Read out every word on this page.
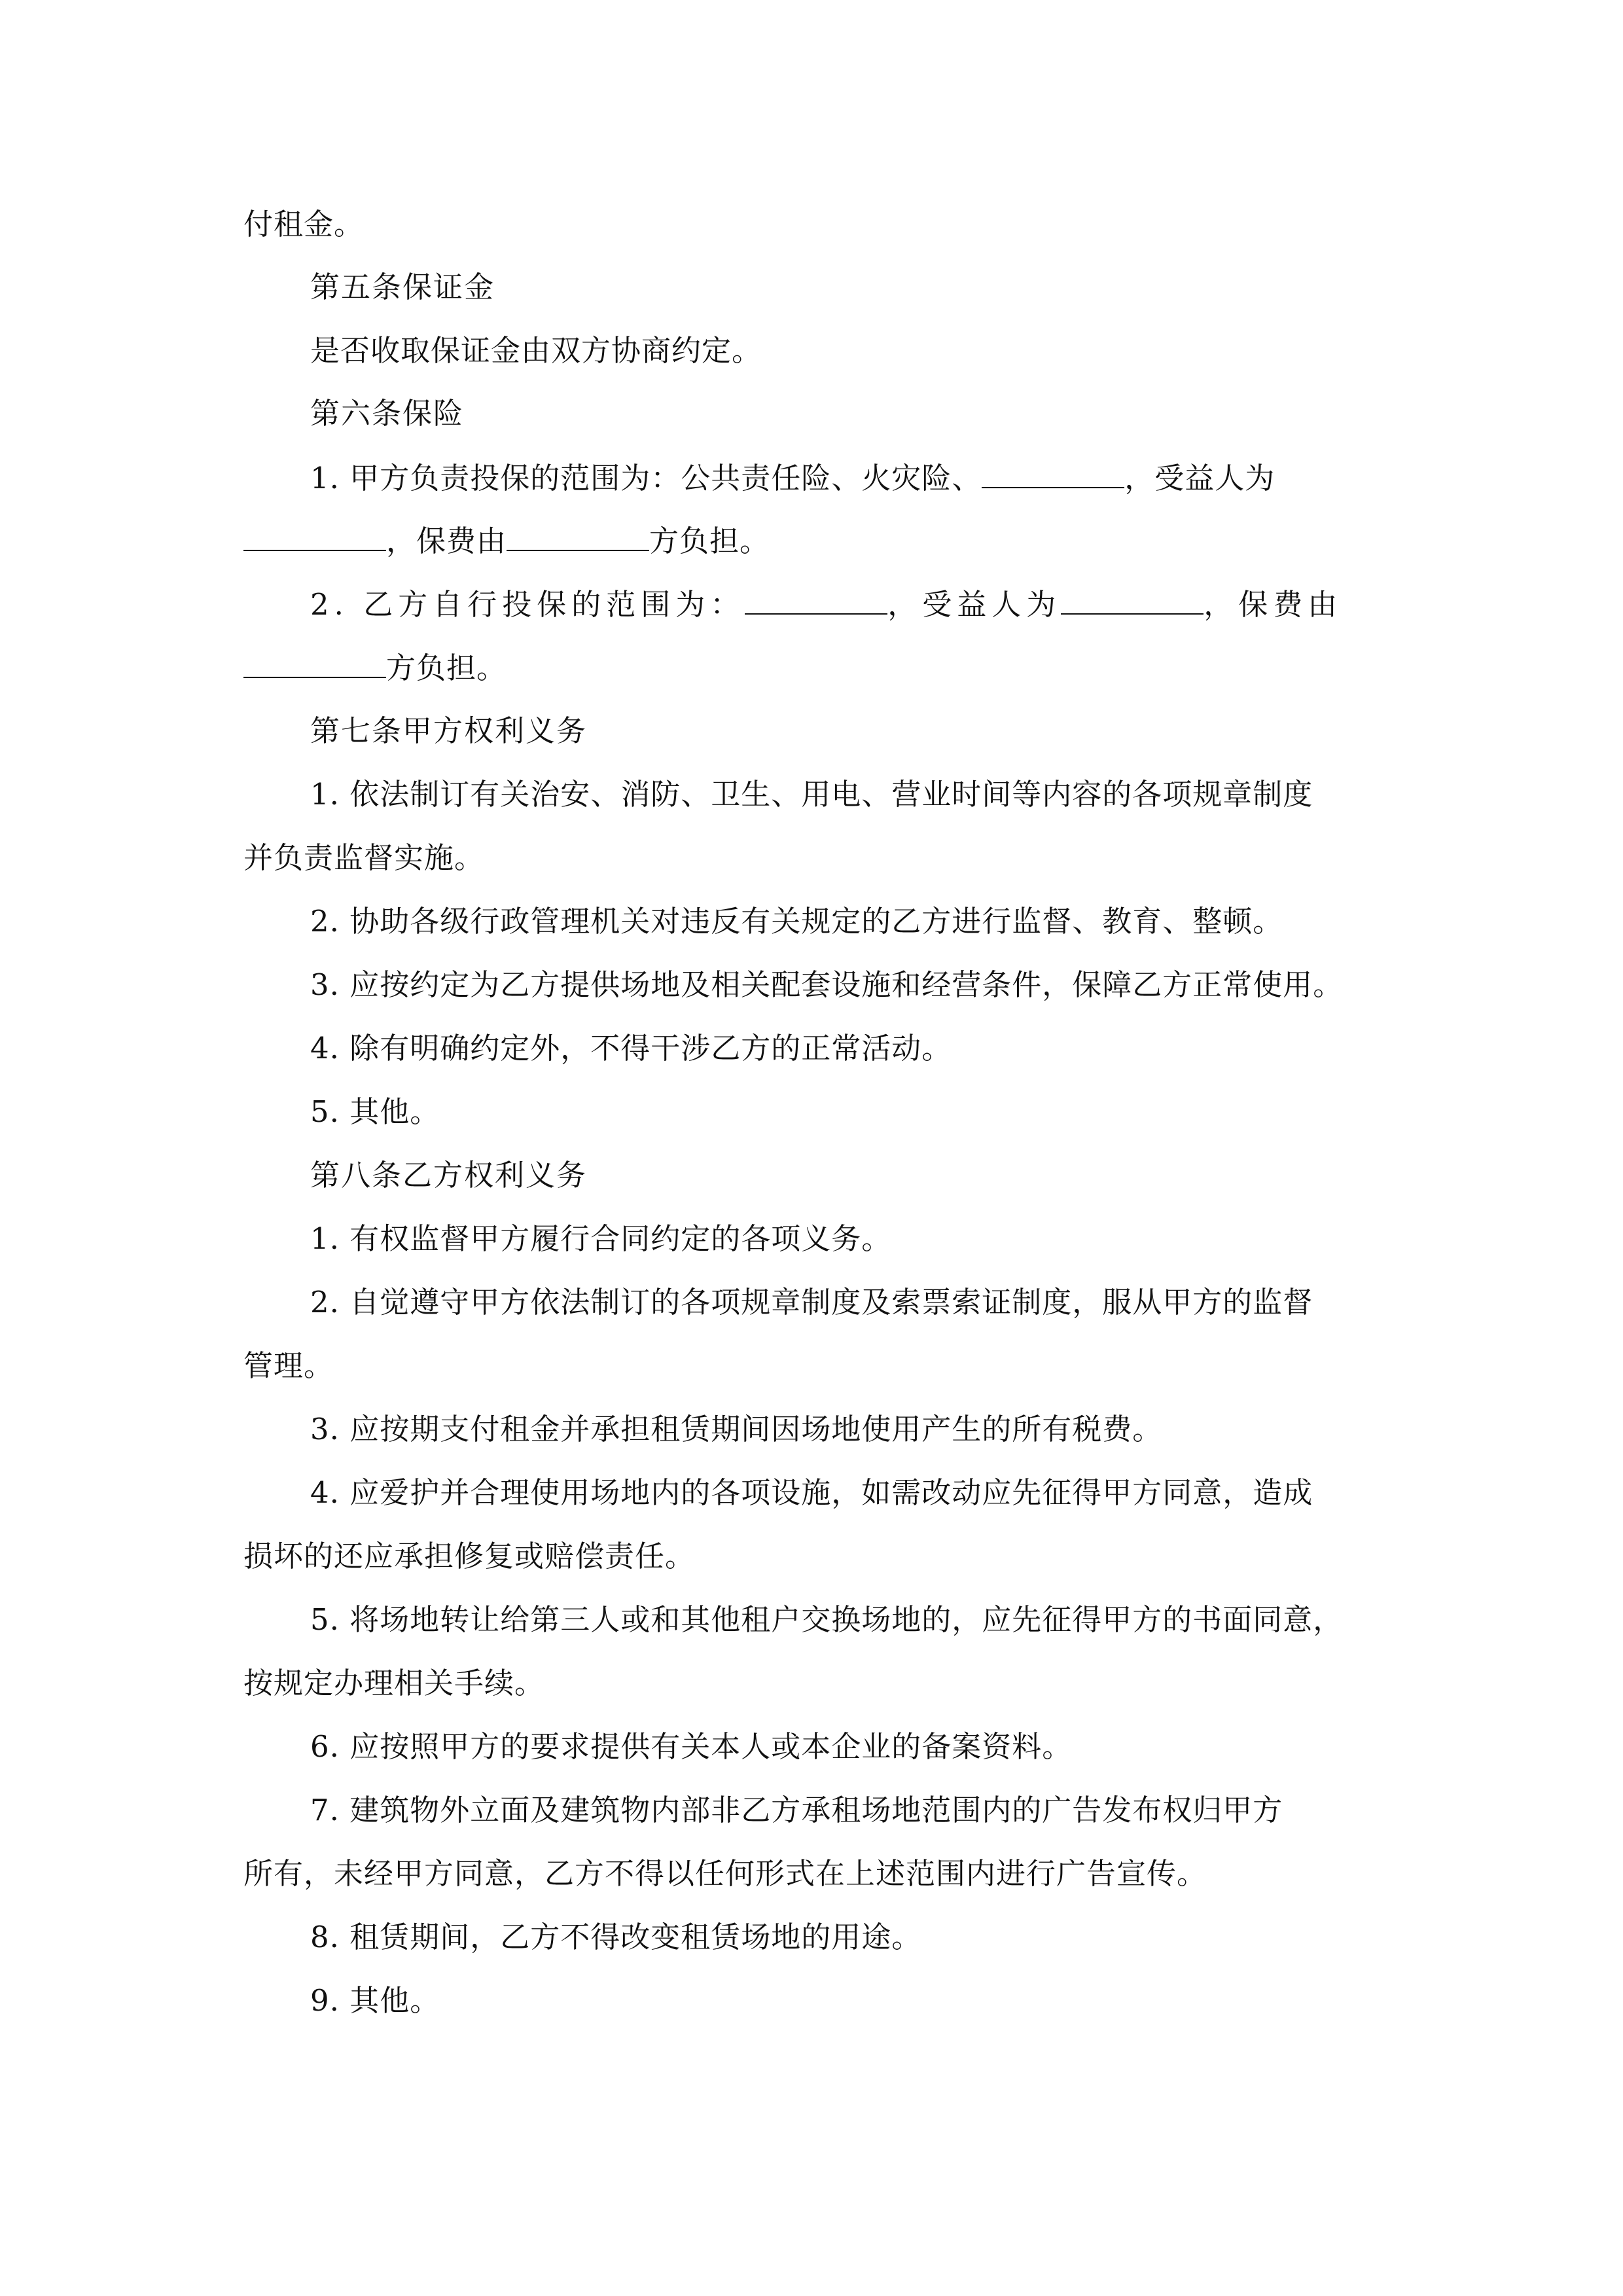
付租金。
第五条保证金
是否收取保证金由双方协商约定。
第六条保险
1. 甲方负责投保的范围为：公共责任险、火灾险、	，受益人为
，保费由	方负担。
2. 乙方自行投保的范围为：	，受益人为	，保费由
方负担。
第七条甲方权利义务
1. 依法制订有关治安、消防、卫生、用电、营业时间等内容的各项规章制度
并负责监督实施。
2. 协助各级行政管理机关对违反有关规定的乙方进行监督、教育、整顿。
3. 应按约定为乙方提供场地及相关配套设施和经营条件，保障乙方正常使用。
4. 除有明确约定外，不得干涉乙方的正常活动。
5. 其他。
第八条乙方权利义务
1. 有权监督甲方履行合同约定的各项义务。
2. 自觉遵守甲方依法制订的各项规章制度及索票索证制度，服从甲方的监督
管理。
3. 应按期支付租金并承担租赁期间因场地使用产生的所有税费。
4. 应爱护并合理使用场地内的各项设施，如需改动应先征得甲方同意，造成
损坏的还应承担修复或赔偿责任。
5. 将场地转让给第三人或和其他租户交换场地的，应先征得甲方的书面同意，
按规定办理相关手续。
6. 应按照甲方的要求提供有关本人或本企业的备案资料。
7. 建筑物外立面及建筑物内部非乙方承租场地范围内的广告发布权归甲方
所有，未经甲方同意，乙方不得以任何形式在上述范围内进行广告宣传。
8. 租赁期间，乙方不得改变租赁场地的用途。
9. 其他。
